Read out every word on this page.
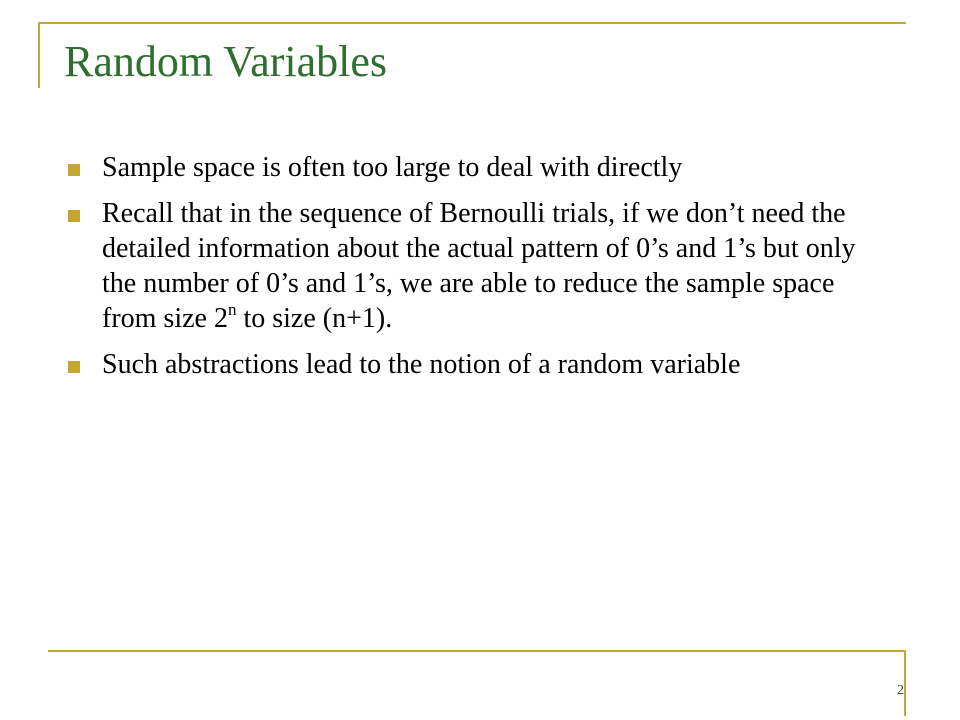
Random Variables
Sample space is often too large to deal with directly
Recall that in the sequence of Bernoulli trials, if we don’t need the detailed information about the actual pattern of 0’s and 1’s but only the number of 0’s and 1’s, we are able to reduce the sample space from size 2$^n$ to size (n+1).
Such abstractions lead to the notion of a random variable
2
